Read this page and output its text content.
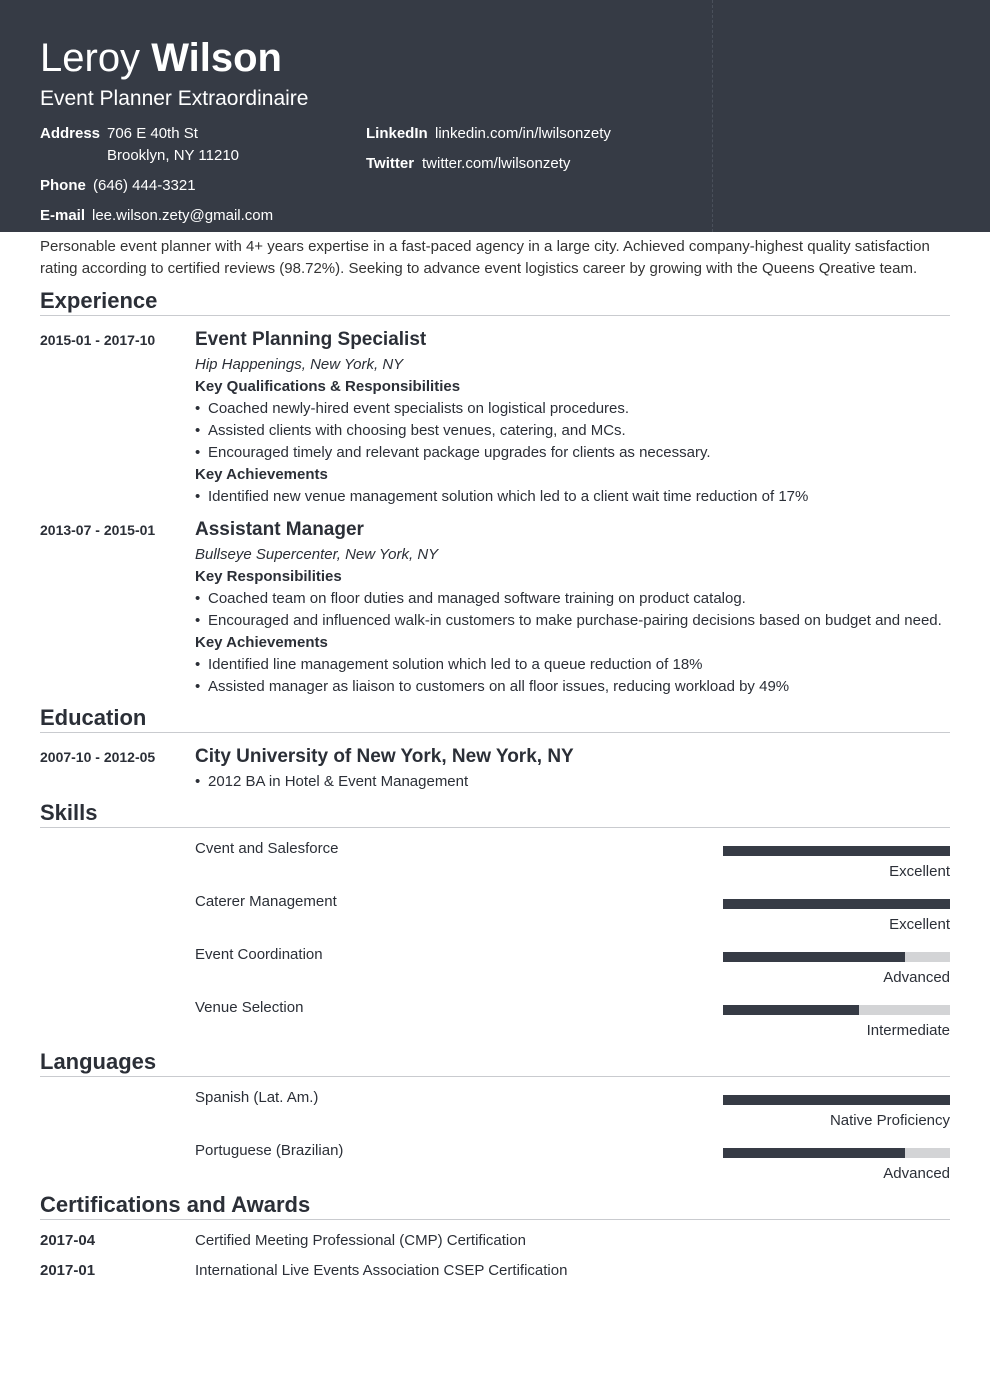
Leroy Wilson
Event Planner Extraordinaire
Address 706 E 40th St
Brooklyn, NY 11210
Phone (646) 444-3321
E-mail lee.wilson.zety@gmail.com
LinkedIn linkedin.com/in/lwilsonzety
Twitter twitter.com/lwilsonzety
Personable event planner with 4+ years expertise in a fast-paced agency in a large city. Achieved company-highest quality satisfaction rating according to certified reviews (98.72%). Seeking to advance event logistics career by growing with the Queens Qreative team.
Experience
2015-01 - 2017-10 Event Planning Specialist
Hip Happenings, New York, NY
Key Qualifications & Responsibilities
• Coached newly-hired event specialists on logistical procedures.
• Assisted clients with choosing best venues, catering, and MCs.
• Encouraged timely and relevant package upgrades for clients as necessary.
Key Achievements
• Identified new venue management solution which led to a client wait time reduction of 17%
2013-07 - 2015-01 Assistant Manager
Bullseye Supercenter, New York, NY
Key Responsibilities
• Coached team on floor duties and managed software training on product catalog.
• Encouraged and influenced walk-in customers to make purchase-pairing decisions based on budget and need.
Key Achievements
• Identified line management solution which led to a queue reduction of 18%
• Assisted manager as liaison to customers on all floor issues, reducing workload by 49%
Education
2007-10 - 2012-05 City University of New York, New York, NY
• 2012 BA in Hotel & Event Management
Skills
Cvent and Salesforce
Excellent
Caterer Management
Excellent
Event Coordination
Advanced
Venue Selection
Intermediate
Languages
Spanish (Lat. Am.)
Native Proficiency
Portuguese (Brazilian)
Advanced
Certifications and Awards
2017-04	Certified Meeting Professional (CMP) Certification
2017-01	International Live Events Association CSEP Certification
